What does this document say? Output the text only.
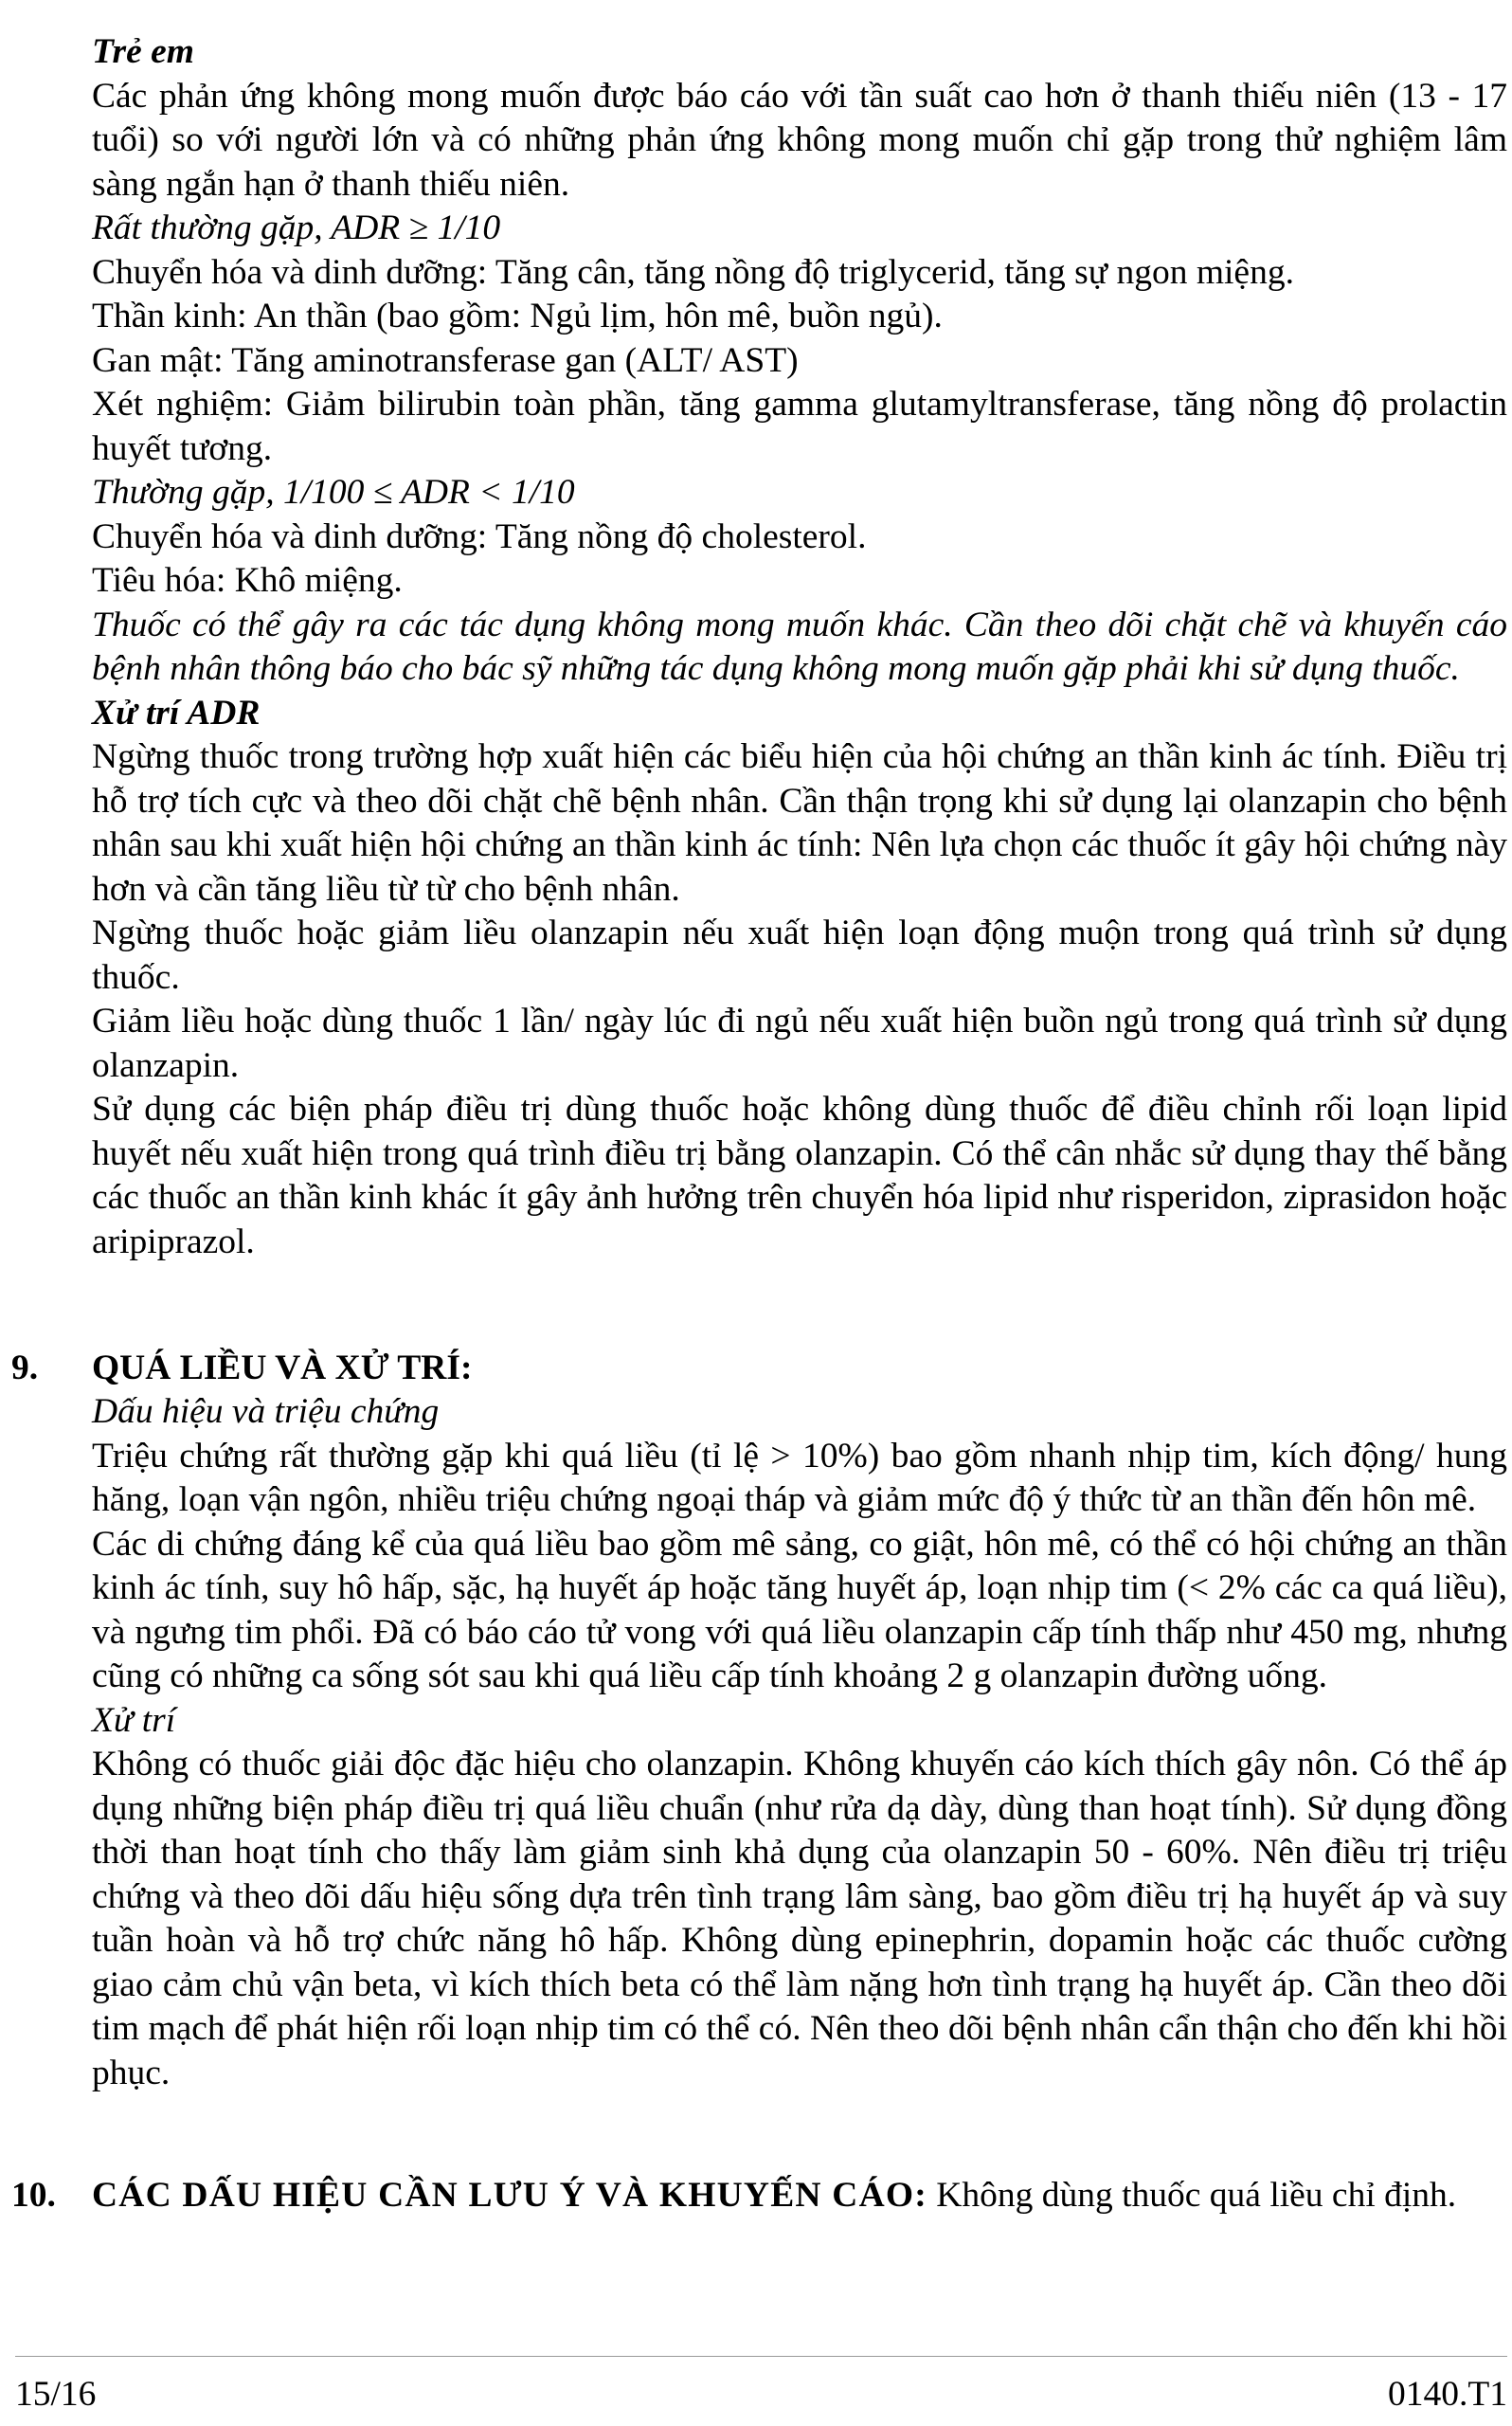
Trẻ em

Các phản ứng không mong muốn được báo cáo với tần suất cao hơn ở thanh thiếu niên (13 - 17 tuổi) so với người lớn và có những phản ứng không mong muốn chỉ gặp trong thử nghiệm lâm sàng ngắn hạn ở thanh thiếu niên.

Rất thường gặp, ADR ≥ 1/10

Chuyển hóa và dinh dưỡng: Tăng cân, tăng nồng độ triglycerid, tăng sự ngon miệng.

Thần kinh: An thần (bao gồm: Ngủ lịm, hôn mê, buồn ngủ).

Gan mật: Tăng aminotransferase gan (ALT/ AST)

Xét nghiệm: Giảm bilirubin toàn phần, tăng gamma glutamyltransferase, tăng nồng độ prolactin huyết tương.

Thường gặp, 1/100 ≤ ADR < 1/10

Chuyển hóa và dinh dưỡng: Tăng nồng độ cholesterol.

Tiêu hóa: Khô miệng.

Thuốc có thể gây ra các tác dụng không mong muốn khác. Cần theo dõi chặt chẽ và khuyến cáo bệnh nhân thông báo cho bác sỹ những tác dụng không mong muốn gặp phải khi sử dụng thuốc.

Xử trí ADR

Ngừng thuốc trong trường hợp xuất hiện các biểu hiện của hội chứng an thần kinh ác tính. Điều trị hỗ trợ tích cực và theo dõi chặt chẽ bệnh nhân. Cần thận trọng khi sử dụng lại olanzapin cho bệnh nhân sau khi xuất hiện hội chứng an thần kinh ác tính: Nên lựa chọn các thuốc ít gây hội chứng này hơn và cần tăng liều từ từ cho bệnh nhân.

Ngừng thuốc hoặc giảm liều olanzapin nếu xuất hiện loạn động muộn trong quá trình sử dụng thuốc.

Giảm liều hoặc dùng thuốc 1 lần/ ngày lúc đi ngủ nếu xuất hiện buồn ngủ trong quá trình sử dụng olanzapin.

Sử dụng các biện pháp điều trị dùng thuốc hoặc không dùng thuốc để điều chỉnh rối loạn lipid huyết nếu xuất hiện trong quá trình điều trị bằng olanzapin. Có thể cân nhắc sử dụng thay thế bằng các thuốc an thần kinh khác ít gây ảnh hưởng trên chuyển hóa lipid như risperidon, ziprasidon hoặc aripiprazol.

9. QUÁ LIỀU VÀ XỬ TRÍ:

Dấu hiệu và triệu chứng

Triệu chứng rất thường gặp khi quá liều (tỉ lệ > 10%) bao gồm nhanh nhịp tim, kích động/ hung hăng, loạn vận ngôn, nhiều triệu chứng ngoại tháp và giảm mức độ ý thức từ an thần đến hôn mê.

Các di chứng đáng kể của quá liều bao gồm mê sảng, co giật, hôn mê, có thể có hội chứng an thần kinh ác tính, suy hô hấp, sặc, hạ huyết áp hoặc tăng huyết áp, loạn nhịp tim (< 2% các ca quá liều), và ngưng tim phổi. Đã có báo cáo tử vong với quá liều olanzapin cấp tính thấp như 450 mg, nhưng cũng có những ca sống sót sau khi quá liều cấp tính khoảng 2 g olanzapin đường uống.

Xử trí

Không có thuốc giải độc đặc hiệu cho olanzapin. Không khuyến cáo kích thích gây nôn. Có thể áp dụng những biện pháp điều trị quá liều chuẩn (như rửa dạ dày, dùng than hoạt tính). Sử dụng đồng thời than hoạt tính cho thấy làm giảm sinh khả dụng của olanzapin 50 - 60%. Nên điều trị triệu chứng và theo dõi dấu hiệu sống dựa trên tình trạng lâm sàng, bao gồm điều trị hạ huyết áp và suy tuần hoàn và hỗ trợ chức năng hô hấp. Không dùng epinephrin, dopamin hoặc các thuốc cường giao cảm chủ vận beta, vì kích thích beta có thể làm nặng hơn tình trạng hạ huyết áp. Cần theo dõi tim mạch để phát hiện rối loạn nhịp tim có thể có. Nên theo dõi bệnh nhân cẩn thận cho đến khi hồi phục.

10.	CÁC DẤU HIỆU CẦN LƯU Ý VÀ KHUYẾN CÁO: Không dùng thuốc quá liều chỉ định.

15/16	0140.T1
